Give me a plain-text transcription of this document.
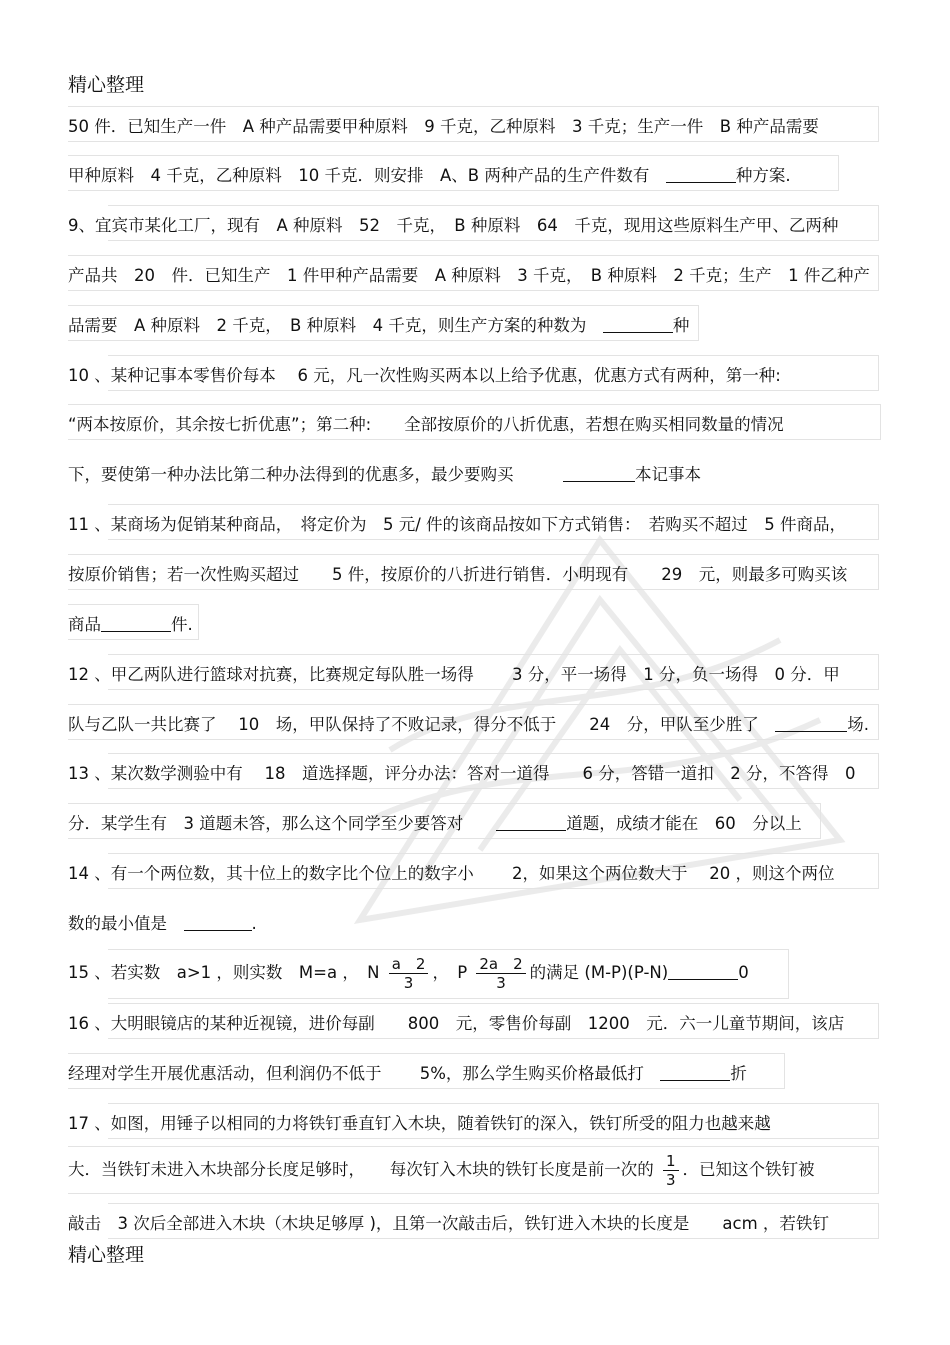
精心整理
50 件．已知生产一件　A 种产品需要甲种原料　9 千克，乙种原料　3 千克；生产一件　B 种产品需要
甲种原料　4 千克，乙种原料　10 千克．则安排　A、B 两种产品的生产件数有　	种方案.
9、宜宾市某化工厂，现有　A 种原料　52　千克，　B 种原料　64　千克，现用这些原料生产甲、乙两种
产品共　20　件．已知生产　1 件甲种产品需要　A 种原料　3 千克，　B 种原料　2 千克；生产　1 件乙种产
品需要　A 种原料　2 千克，　B 种原料　4 千克，则生产方案的种数为　	种
10 、某种记事本零售价每本　 6 元，凡一次性购买两本以上给予优惠，优惠方式有两种，第一种:
“两本按原价，其余按七折优惠”；第二种:　　全部按原价的八折优惠，若想在购买相同数量的情况
下，要使第一种办法比第二种办法得到的优惠多，最少要购买　　　	本记事本
11 、某商场为促销某种商品，　将定价为　5 元/ 件的该商品按如下方式销售：　若购买不超过　5 件商品，
按原价销售；若一次性购买超过　　5 件，按原价的八折进行销售．小明现有　　29　元，则最多可购买该
商品	件.
12 、甲乙两队进行篮球对抗赛，比赛规定每队胜一场得　　 3 分，平一场得　1 分，负一场得　0 分．甲
队与乙队一共比赛了　 10　场，甲队保持了不败记录，得分不低于　　24　分，甲队至少胜了　	场.
13 、某次数学测验中有　 18　道选择题，评分办法：答对一道得　　6 分，答错一道扣　2 分，不答得　0
分．某学生有　3 道题未答，那么这个同学至少要答对　　	道题，成绩才能在　60　分以上
14 、有一个两位数，其十位上的数字比个位上的数字小　　 2，如果这个两位数大于　 20 ，则这个两位
数的最小值是　	.
15 、若实数　a>1 ，则实数　M=a ，　N $\frac{a 2}{3}$ ，　P $\frac{2a 2}{3}$ 的满足 (M-P)(P-N)	0
16 、大明眼镜店的某种近视镜，进价每副　　800　元，零售价每副　1200　元．六一儿童节期间，该店
经理对学生开展优惠活动，但利润仍不低于　　 5%，那么学生购买价格最低打　	折
17 、如图，用锤子以相同的力将铁钉垂直钉入木块，随着铁钉的深入，铁钉所受的阻力也越来越
大．当铁钉未进入木块部分长度足够时，　　每次钉入木块的铁钉长度是前一次的 $\frac{1}{3}$ ．已知这个铁钉被
敲击　3 次后全部进入木块（木块足够厚 )，且第一次敲击后，铁钉进入木块的长度是　　acm ，若铁钉
精心整理
